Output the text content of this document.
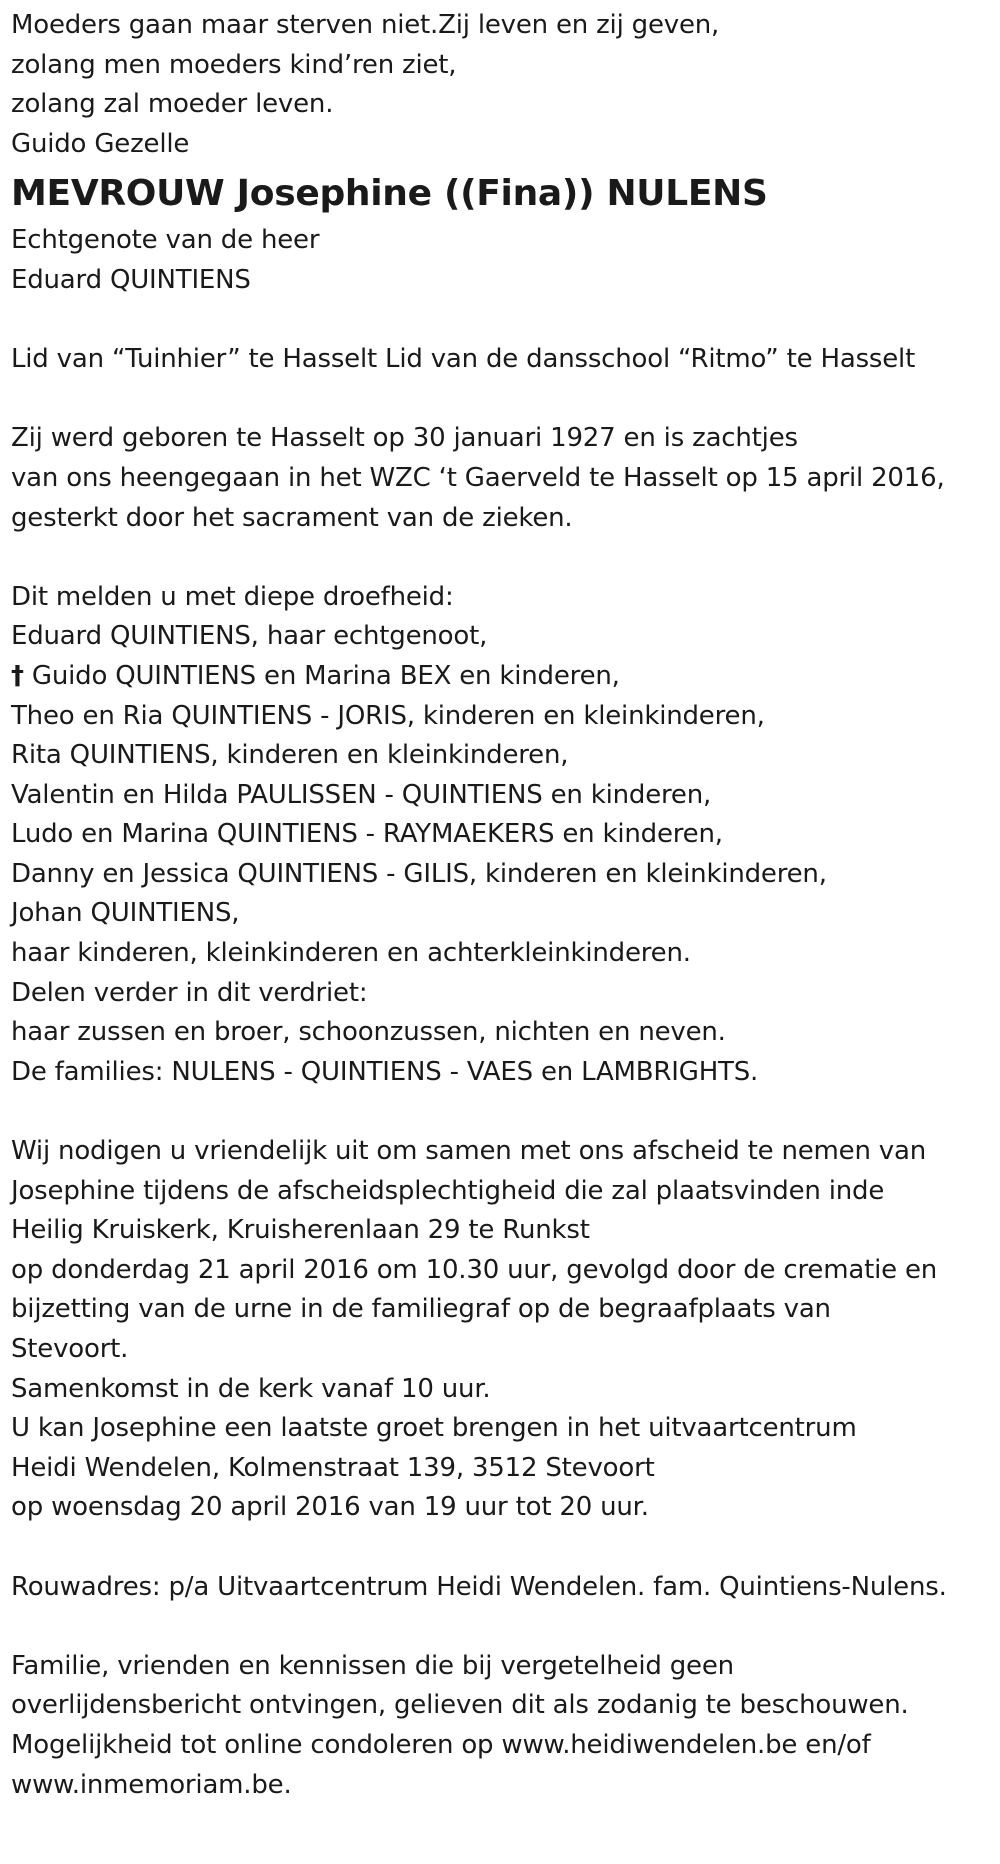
Moeders gaan maar sterven niet.Zij leven en zij geven,
zolang men moeders kind’ren ziet,
zolang zal moeder leven.
Guido Gezelle
MEVROUW Josephine ((Fina)) NULENS
Echtgenote van de heer
Eduard QUINTIENS
Lid van “Tuinhier” te Hasselt Lid van de dansschool “Ritmo” te Hasselt
Zij werd geboren te Hasselt op 30 januari 1927 en is zachtjes
van ons heengegaan in het WZC ‘t Gaerveld te Hasselt op 15 april 2016,
gesterkt door het sacrament van de zieken.
Dit melden u met diepe droefheid:
Eduard QUINTIENS, haar echtgenoot,
† Guido QUINTIENS en Marina BEX en kinderen,
Theo en Ria QUINTIENS - JORIS, kinderen en kleinkinderen,
Rita QUINTIENS, kinderen en kleinkinderen,
Valentin en Hilda PAULISSEN - QUINTIENS en kinderen,
Ludo en Marina QUINTIENS - RAYMAEKERS en kinderen,
Danny en Jessica QUINTIENS - GILIS, kinderen en kleinkinderen,
Johan QUINTIENS,
haar kinderen, kleinkinderen en achterkleinkinderen.
Delen verder in dit verdriet:
haar zussen en broer, schoonzussen, nichten en neven.
De families: NULENS - QUINTIENS - VAES en LAMBRIGHTS.
Wij nodigen u vriendelijk uit om samen met ons afscheid te nemen van
Josephine tijdens de afscheidsplechtigheid die zal plaatsvinden inde
Heilig Kruiskerk, Kruisherenlaan 29 te Runkst
op donderdag 21 april 2016 om 10.30 uur, gevolgd door de crematie en
bijzetting van de urne in de familiegraf op de begraafplaats van
Stevoort.
Samenkomst in de kerk vanaf 10 uur.
U kan Josephine een laatste groet brengen in het uitvaartcentrum
Heidi Wendelen, Kolmenstraat 139, 3512 Stevoort
op woensdag 20 april 2016 van 19 uur tot 20 uur.
Rouwadres: p/a Uitvaartcentrum Heidi Wendelen. fam. Quintiens-Nulens.
Familie, vrienden en kennissen die bij vergetelheid geen
overlijdensbericht ontvingen, gelieven dit als zodanig te beschouwen.
Mogelijkheid tot online condoleren op www.heidiwendelen.be en/of
www.inmemoriam.be.
